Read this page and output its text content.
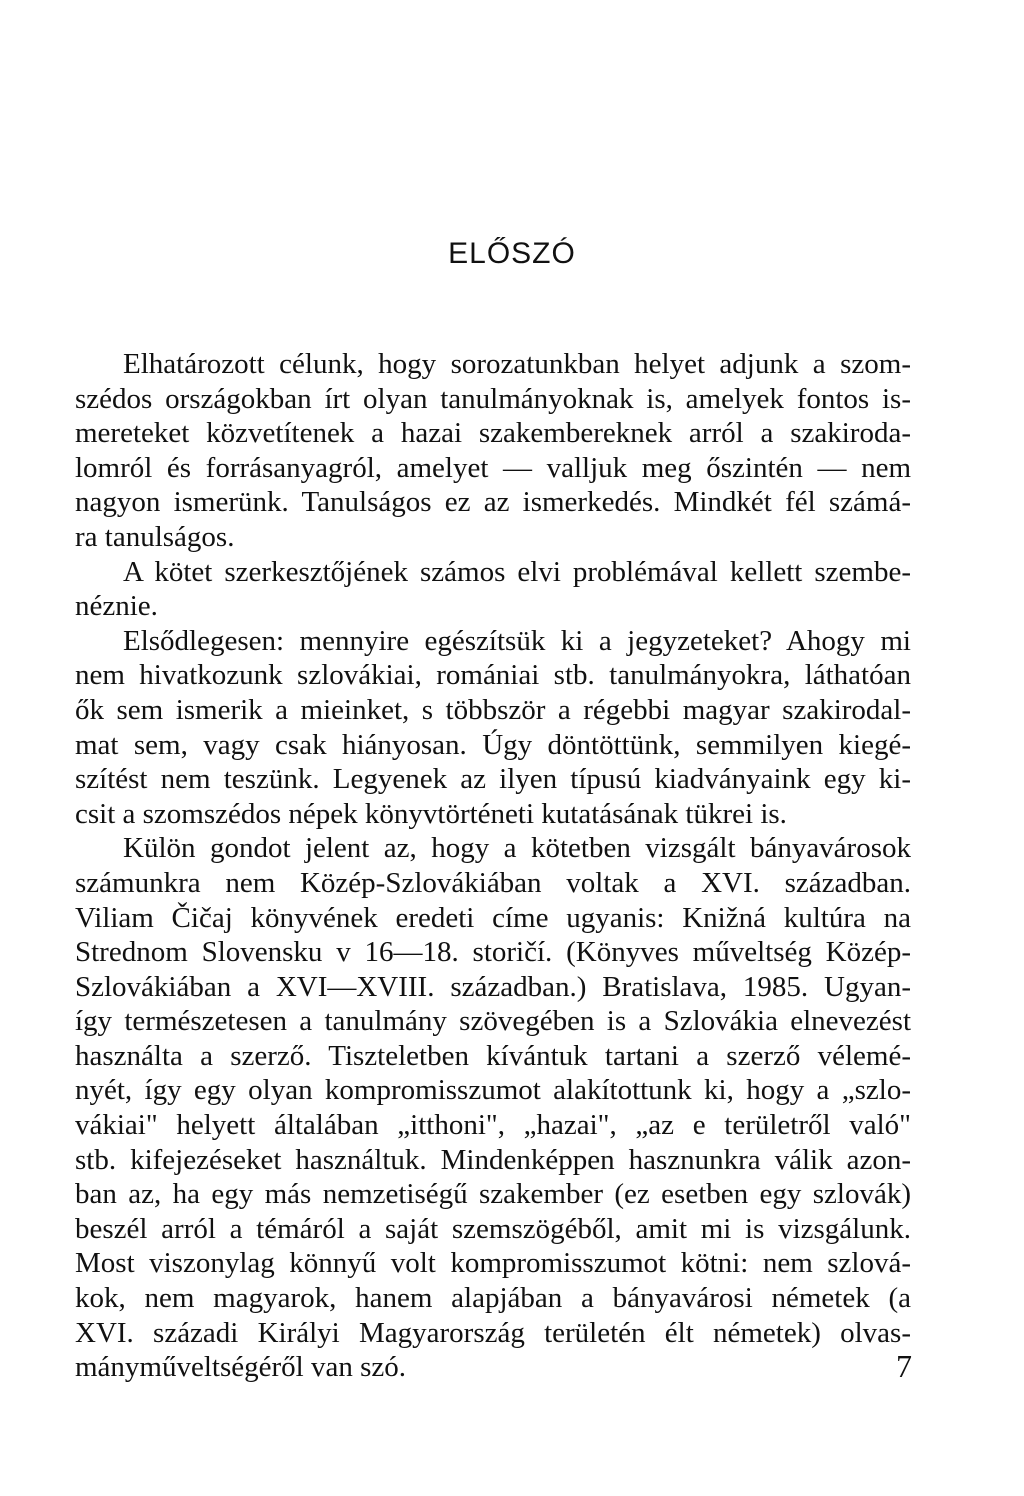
ELŐSZÓ
Elhatározott célunk, hogy sorozatunkban helyet adjunk a szom-
szédos országokban írt olyan tanulmányoknak is, amelyek fontos is-
mereteket közvetítenek a hazai szakembereknek arról a szakiroda-
lomról és forrásanyagról, amelyet — valljuk meg őszintén — nem
nagyon ismerünk. Tanulságos ez az ismerkedés. Mindkét fél számá-
ra tanulságos.
A kötet szerkesztőjének számos elvi problémával kellett szembe-
néznie.
Elsődlegesen: mennyire egészítsük ki a jegyzeteket? Ahogy mi
nem hivatkozunk szlovákiai, romániai stb. tanulmányokra, láthatóan
ők sem ismerik a mieinket, s többször a régebbi magyar szakirodal-
mat sem, vagy csak hiányosan. Úgy döntöttünk, semmilyen kiegé-
szítést nem teszünk. Legyenek az ilyen típusú kiadványaink egy ki-
csit a szomszédos népek könyvtörténeti kutatásának tükrei is.
Külön gondot jelent az, hogy a kötetben vizsgált bányavárosok
számunkra nem Közép-Szlovákiában voltak a XVI. században.
Viliam Čičaj könyvének eredeti címe ugyanis: Knižná kultúra na
Strednom Slovensku v 16—18. storičí. (Könyves műveltség Közép-
Szlovákiában a XVI—XVIII. században.) Bratislava, 1985. Ugyan-
így természetesen a tanulmány szövegében is a Szlovákia elnevezést
használta a szerző. Tiszteletben kívántuk tartani a szerző vélemé-
nyét, így egy olyan kompromisszumot alakítottunk ki, hogy a „szlo-
vákiai" helyett általában „itthoni", „hazai", „az e területről való"
stb. kifejezéseket használtuk. Mindenképpen hasznunkra válik azon-
ban az, ha egy más nemzetiségű szakember (ez esetben egy szlovák)
beszél arról a témáról a saját szemszögéből, amit mi is vizsgálunk.
Most viszonylag könnyű volt kompromisszumot kötni: nem szlová-
kok, nem magyarok, hanem alapjában a bányavárosi németek (a
XVI. századi Királyi Magyarország területén élt németek) olvas-
mányműveltségéről van szó.	7
